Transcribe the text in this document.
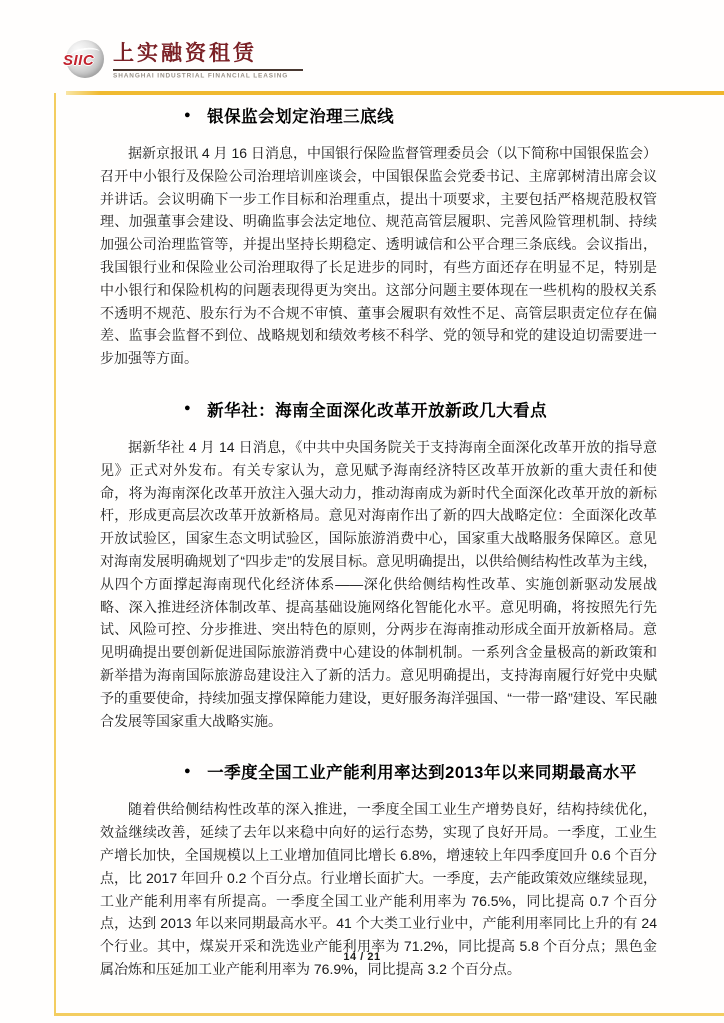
SIIC 上实融资租赁
SHANGHAI INDUSTRIAL FINANCIAL LEASING
● 银保监会划定治理三底线

据新京报讯 4 月 16 日消息，中国银行保险监督管理委员会（以下简称中国银保监会）召开中小银行及保险公司治理培训座谈会，中国银保监会党委书记、主席郭树清出席会议并讲话。会议明确下一步工作目标和治理重点，提出十项要求，主要包括严格规范股权管理、加强董事会建设、明确监事会法定地位、规范高管层履职、完善风险管理机制、持续加强公司治理监管等，并提出坚持长期稳定、透明诚信和公平合理三条底线。会议指出，我国银行业和保险业公司治理取得了长足进步的同时，有些方面还存在明显不足，特别是中小银行和保险机构的问题表现得更为突出。这部分问题主要体现在一些机构的股权关系不透明不规范、股东行为不合规不审慎、董事会履职有效性不足、高管层职责定位存在偏差、监事会监督不到位、战略规划和绩效考核不科学、党的领导和党的建设迫切需要进一步加强等方面。

● 新华社：海南全面深化改革开放新政几大看点

据新华社 4 月 14 日消息，《中共中央国务院关于支持海南全面深化改革开放的指导意见》正式对外发布。有关专家认为，意见赋予海南经济特区改革开放新的重大责任和使命，将为海南深化改革开放注入强大动力，推动海南成为新时代全面深化改革开放的新标杆，形成更高层次改革开放新格局。意见对海南作出了新的四大战略定位：全面深化改革开放试验区，国家生态文明试验区，国际旅游消费中心，国家重大战略服务保障区。意见对海南发展明确规划了“四步走”的发展目标。意见明确提出，以供给侧结构性改革为主线，从四个方面撑起海南现代化经济体系——深化供给侧结构性改革、实施创新驱动发展战略、深入推进经济体制改革、提高基础设施网络化智能化水平。意见明确，将按照先行先试、风险可控、分步推进、突出特色的原则，分两步在海南推动形成全面开放新格局。意见明确提出要创新促进国际旅游消费中心建设的体制机制。一系列含金量极高的新政策和新举措为海南国际旅游岛建设注入了新的活力。意见明确提出，支持海南履行好党中央赋予的重要使命，持续加强支撑保障能力建设，更好服务海洋强国、“一带一路”建设、军民融合发展等国家重大战略实施。

● 一季度全国工业产能利用率达到2013年以来同期最高水平

随着供给侧结构性改革的深入推进，一季度全国工业生产增势良好，结构持续优化，效益继续改善，延续了去年以来稳中向好的运行态势，实现了良好开局。一季度，工业生产增长加快，全国规模以上工业增加值同比增长 6.8%，增速较上年四季度回升 0.6 个百分点，比 2017 年回升 0.2 个百分点。行业增长面扩大。一季度，去产能政策效应继续显现，工业产能利用率有所提高。一季度全国工业产能利用率为 76.5%，同比提高 0.7 个百分点，达到 2013 年以来同期最高水平。41 个大类工业行业中，产能利用率同比上升的有 24 个行业。其中，煤炭开采和洗选业产能利用率为 71.2%，同比提高 5.8 个百分点；黑色金属冶炼和压延加工业产能利用率为 76.9%，同比提高 3.2 个百分点。

14 / 21
